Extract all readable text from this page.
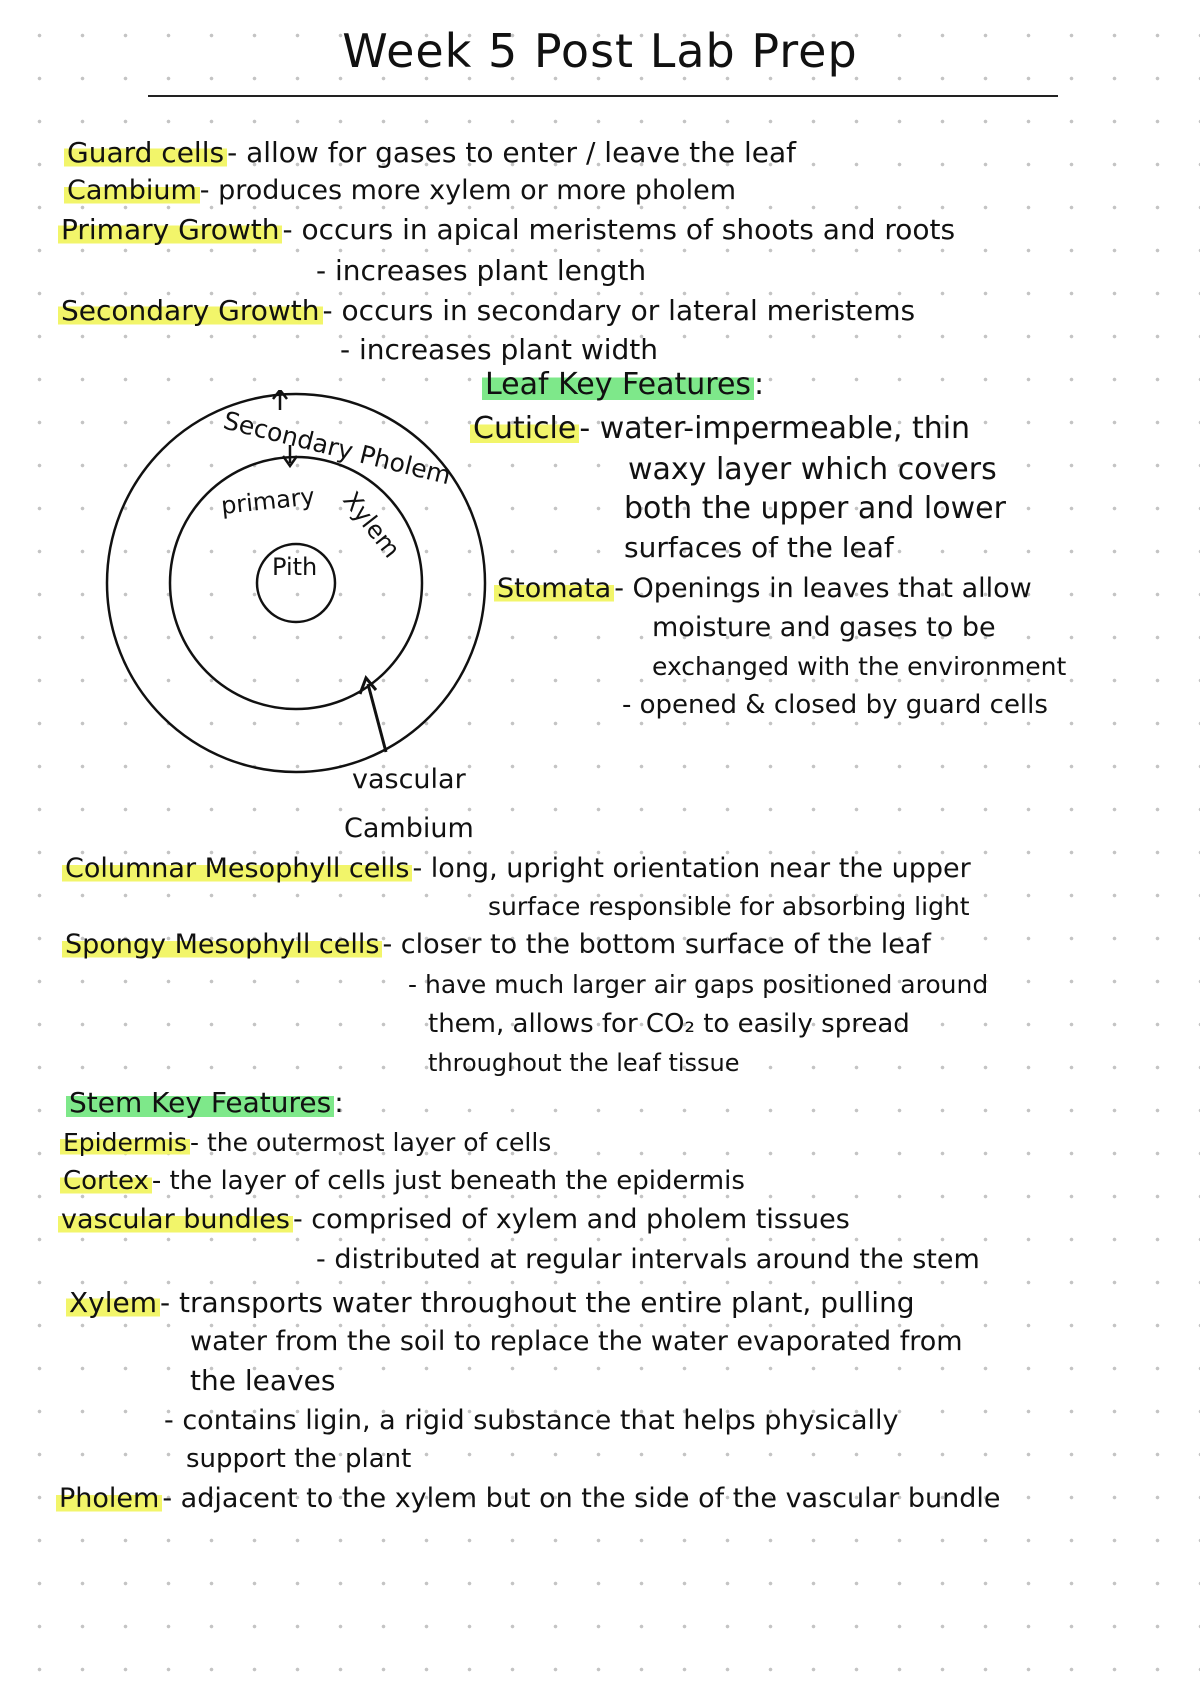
Week 5 Post Lab Prep
Guard cells - allow for gases to enter / leave the leaf
Cambium - produces more xylem or more pholem
Primary Growth - occurs in apical meristems of shoots and roots
- increases plant length
Secondary Growth - occurs in secondary or lateral meristems
- increases plant width
Secondary Pholem
primary Xylem
Pith
vascular
Cambium
Leaf Key Features :
Cuticle - water-impermeable, thin
waxy layer which covers
both the upper and lower
surfaces of the leaf
Stomata - Openings in leaves that allow
moisture and gases to be
exchanged with the environment
- opened & closed by guard cells
Columnar Mesophyll cells - long, upright orientation near the upper
surface responsible for absorbing light
Spongy Mesophyll cells - closer to the bottom surface of the leaf
- have much larger air gaps positioned around
them, allows for CO₂ to easily spread
throughout the leaf tissue
Stem Key Features :
Epidermis - the outermost layer of cells
Cortex - the layer of cells just beneath the epidermis
vascular bundles - comprised of xylem and pholem tissues
- distributed at regular intervals around the stem
Xylem - transports water throughout the entire plant, pulling
water from the soil to replace the water evaporated from
the leaves
- contains ligin, a rigid substance that helps physically
support the plant
Pholem - adjacent to the xylem but on the side of the vascular bundle
